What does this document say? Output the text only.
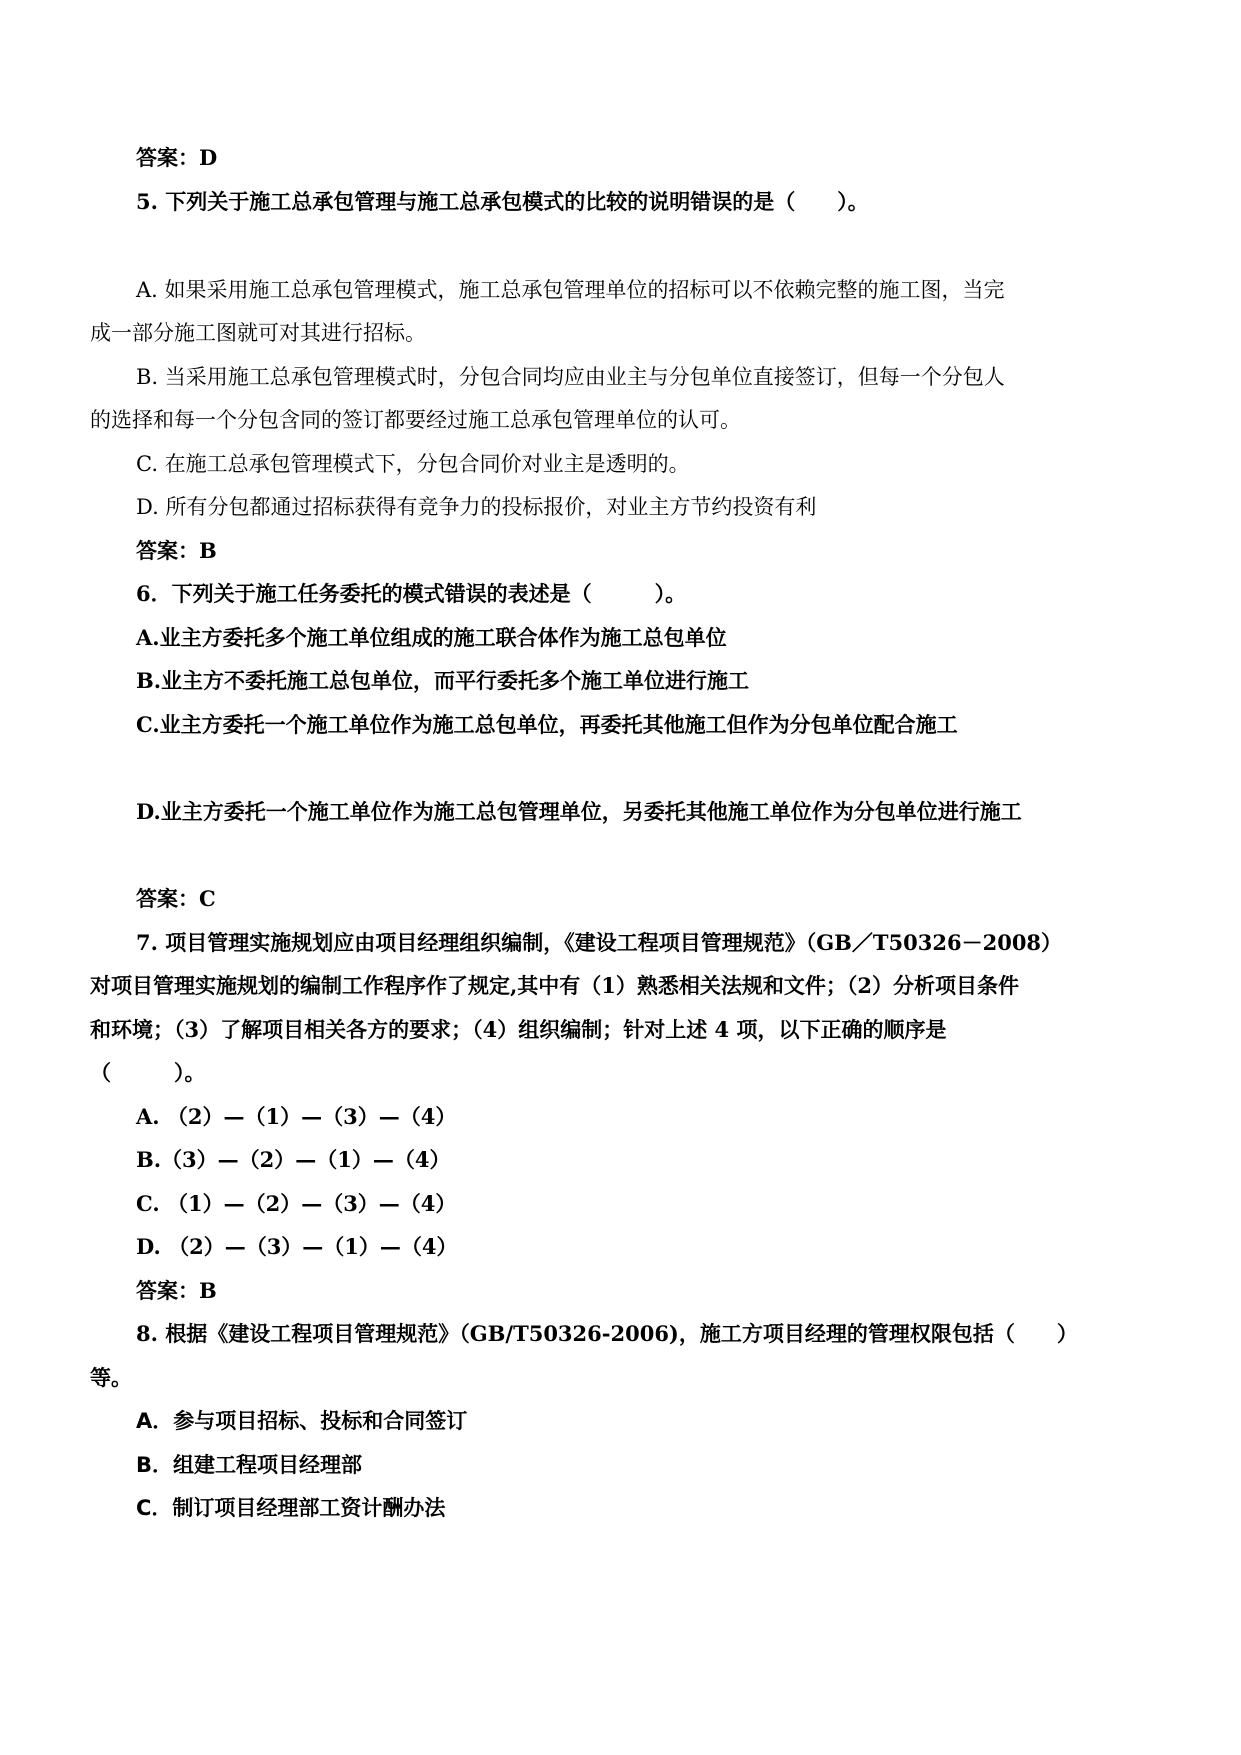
答案：D
5. 下列关于施工总承包管理与施工总承包模式的比较的说明错误的是（　　）。
A. 如果采用施工总承包管理模式，施工总承包管理单位的招标可以不依赖完整的施工图，当完
成一部分施工图就可对其进行招标。
B. 当采用施工总承包管理模式时，分包合同均应由业主与分包单位直接签订，但每一个分包人
的选择和每一个分包含同的签订都要经过施工总承包管理单位的认可。
C. 在施工总承包管理模式下，分包合同价对业主是透明的。
D. 所有分包都通过招标获得有竞争力的投标报价，对业主方节约投资有利
答案：B
6．下列关于施工任务委托的模式错误的表述是（　　　）。
A.业主方委托多个施工单位组成的施工联合体作为施工总包单位
B.业主方不委托施工总包单位，而平行委托多个施工单位进行施工
C.业主方委托一个施工单位作为施工总包单位，再委托其他施工但作为分包单位配合施工
D.业主方委托一个施工单位作为施工总包管理单位，另委托其他施工单位作为分包单位进行施工
答案：C
7. 项目管理实施规划应由项目经理组织编制，《建设工程项目管理规范》（GB／T50326－2008）
对项目管理实施规划的编制工作程序作了规定,其中有（1）熟悉相关法规和文件；（2）分析项目条件
和环境；（3）了解项目相关各方的要求；（4）组织编制；针对上述 4 项，以下正确的顺序是
（　　　）。
A. （2）—（1）—（3）—（4）
B.（3）—（2）—（1）—（4）
C. （1）—（2）—（3）—（4）
D. （2）—（3）—（1）—（4）
答案：B
8. 根据《建设工程项目管理规范》（GB/T50326-2006)，施工方项目经理的管理权限包括（　　）
等。
A．参与项目招标、投标和合同签订
B．组建工程项目经理部
C．制订项目经理部工资计酬办法
